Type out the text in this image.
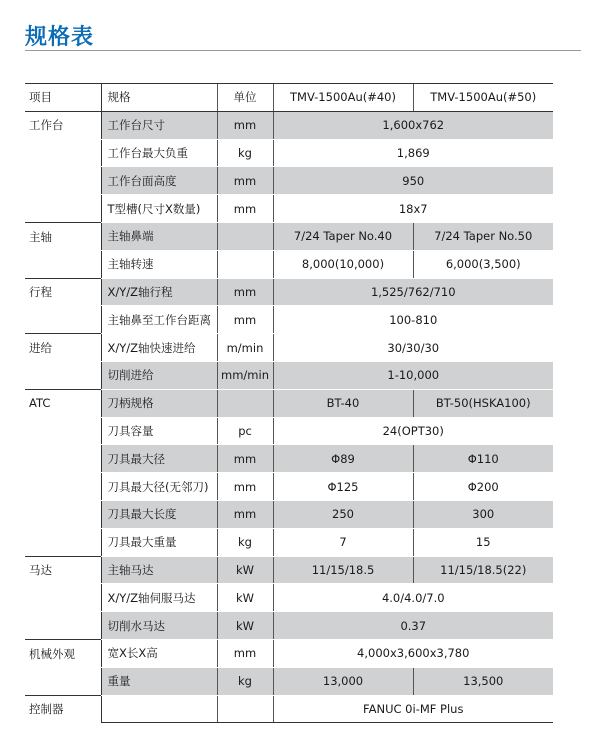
规格表
项目	规格	单位	TMV-1500Au(#40)	TMV-1500Au(#50)
工作台	工作台尺寸	mm	1,600x762	
	工作台最大负重	kg	1,869	
	工作台面高度	mm	950	
	T型槽(尺寸X数量)	mm	18x7	
主轴	主轴鼻端		7/24 Taper No.40	7/24 Taper No.50
	主轴转速		8,000(10,000)	6,000(3,500)
行程	X/Y/Z轴行程	mm	1,525/762/710	
	主轴鼻至工作台距离	mm	100-810	
进给	X/Y/Z轴快速进给	m/min	30/30/30	
	切削进给	mm/min	1-10,000	
ATC	刀柄规格		BT-40	BT-50(HSKA100)
	刀具容量	pc	24(OPT30)	
	刀具最大径	mm	Φ89	Φ110
	刀具最大径(无邻刀)	mm	Φ125	Φ200
	刀具最大长度	mm	250	300
	刀具最大重量	kg	7	15
马达	主轴马达	kW	11/15/18.5	11/15/18.5(22)
	X/Y/Z轴伺服马达	kW	4.0/4.0/7.0	
	切削水马达	kW	0.37	
机械外观	宽X长X高	mm	4,000x3,600x3,780	
	重量	kg	13,000	13,500
控制器			FANUC 0i-MF Plus	
